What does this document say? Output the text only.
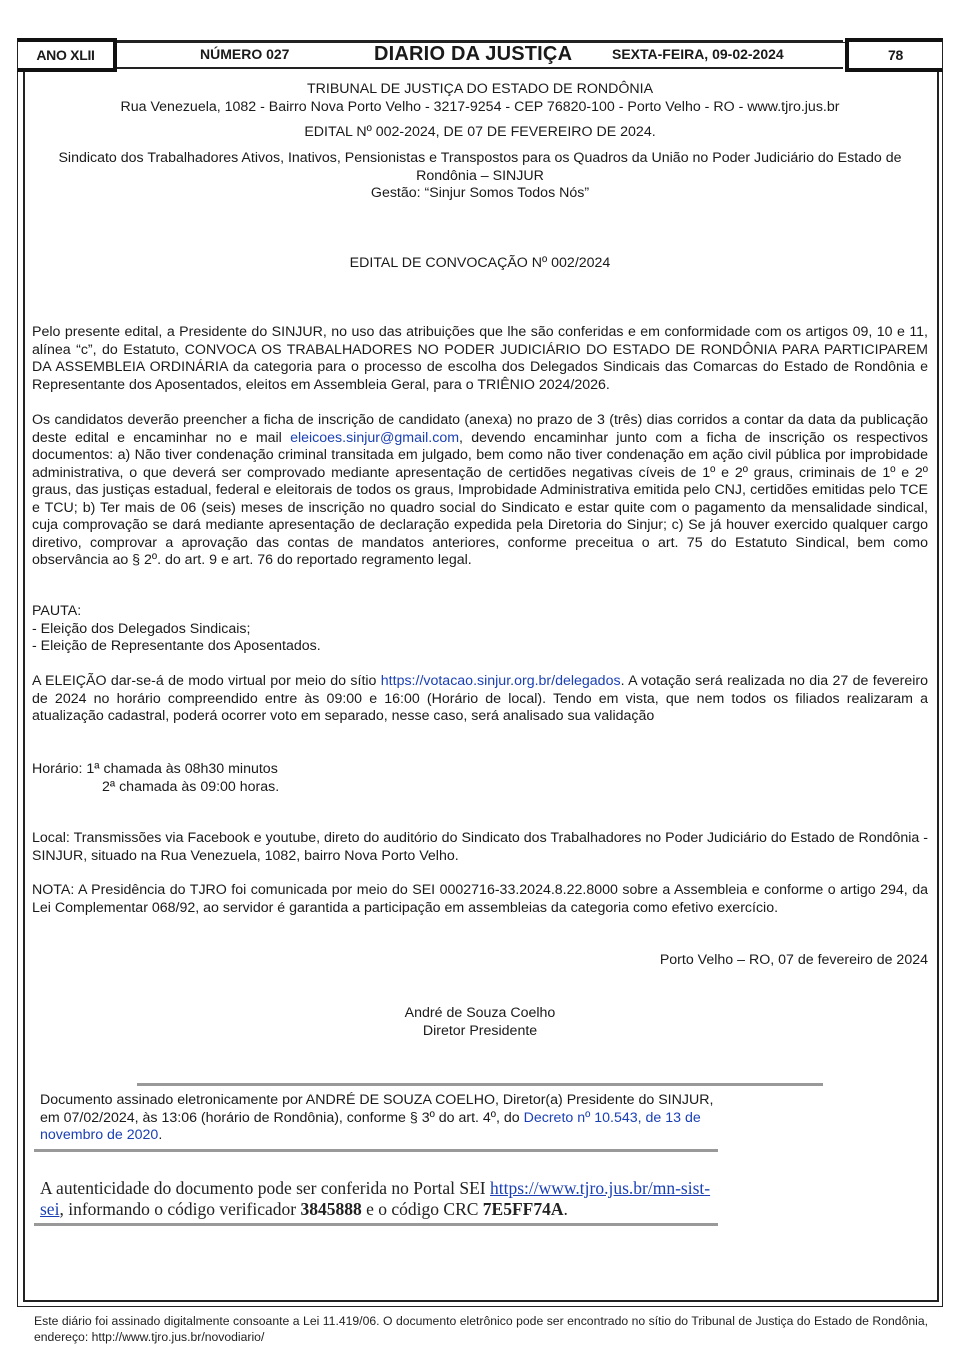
ANO XLII	NÚMERO 027	DIARIO DA JUSTIÇA	SEXTA-FEIRA, 09-02-2024	78

TRIBUNAL DE JUSTIÇA DO ESTADO DE RONDÔNIA

Rua Venezuela, 1082 - Bairro Nova Porto Velho - 3217-9254 - CEP 76820-100 - Porto Velho - RO - www.tjro.jus.br

EDITAL Nº 002-2024, DE 07 DE FEVEREIRO DE 2024.

Sindicato dos Trabalhadores Ativos, Inativos, Pensionistas e Transpostos para os Quadros da União no Poder Judiciário do Estado de

Rondônia – SINJUR

Gestão: “Sinjur Somos Todos Nós”

EDITAL DE CONVOCAÇÃO Nº 002/2024
Pelo presente edital, a Presidente do SINJUR, no uso das atribuições que lhe são conferidas e em conformidade com os artigos 09, 10 e 11, alínea “c”, do Estatuto, CONVOCA OS TRABALHADORES NO PODER JUDICIÁRIO DO ESTADO DE RONDÔNIA PARA PARTICIPAREM DA ASSEMBLEIA ORDINÁRIA da categoria para o processo de escolha dos Delegados Sindicais das Comarcas do Estado de Rondônia e Representante dos Aposentados, eleitos em Assembleia Geral, para o TRIÊNIO 2024/2026.
Os candidatos deverão preencher a ficha de inscrição de candidato (anexa) no prazo de 3 (três) dias corridos a contar da data da publicação deste edital e encaminhar no e mail eleicoes.sinjur@gmail.com, devendo encaminhar junto com a ficha de inscrição os respectivos documentos: a) Não tiver condenação criminal transitada em julgado, bem como não tiver condenação em ação civil pública por improbidade administrativa, o que deverá ser comprovado mediante apresentação de certidões negativas cíveis de 1º e 2º graus, criminais de 1º e 2º graus, das justiças estadual, federal e eleitorais de todos os graus, Improbidade Administrativa emitida pelo CNJ, certidões emitidas pelo TCE e TCU; b) Ter mais de 06 (seis) meses de inscrição no quadro social do Sindicato e estar quite com o pagamento da mensalidade sindical, cuja comprovação se dará mediante apresentação de declaração expedida pela Diretoria do Sinjur; c) Se já houver exercido qualquer cargo diretivo, comprovar a aprovação das contas de mandatos anteriores, conforme preceitua o art. 75 do Estatuto Sindical, bem como observância ao § 2º. do art. 9 e art. 76 do reportado regramento legal.

PAUTA:

- Eleição dos Delegados Sindicais;

- Eleição de Representante dos Aposentados.

A ELEIÇÃO dar-se-á de modo virtual por meio do sítio https://votacao.sinjur.org.br/delegados. A votação será realizada no dia 27 de fevereiro de 2024 no horário compreendido entre às 09:00 e 16:00 (Horário de local). Tendo em vista, que nem todos os filiados realizaram a atualização cadastral, poderá ocorrer voto em separado, nesse caso, será analisado sua validação

Horário: 1ª chamada às 08h30 minutos

2ª chamada às 09:00 horas.

Local: Transmissões via Facebook e youtube, direto do auditório do Sindicato dos Trabalhadores no Poder Judiciário do Estado de Rondônia - SINJUR, situado na Rua Venezuela, 1082, bairro Nova Porto Velho.
NOTA: A Presidência do TJRO foi comunicada por meio do SEI 0002716-33.2024.8.22.8000 sobre a Assembleia e conforme o artigo 294, da Lei Complementar 068/92, ao servidor é garantida a participação em assembleias da categoria como efetivo exercício.
Porto Velho – RO, 07 de fevereiro de 2024

André de Souza Coelho

Diretor Presidente

Documento assinado eletronicamente por ANDRÉ DE SOUZA COELHO, Diretor(a) Presidente do SINJUR, em 07/02/2024, às 13:06 (horário de Rondônia), conforme § 3º do art. 4º, do Decreto nº 10.543, de 13 de novembro de 2020.
A autenticidade do documento pode ser conferida no Portal SEI https://www.tjro.jus.br/mn-sist-sei, informando o código verificador 3845888 e o código CRC 7E5FF74A.
Este diário foi assinado digitalmente consoante a Lei 11.419/06. O documento eletrônico pode ser encontrado no sítio do Tribunal de Justiça do Estado de Rondônia, endereço: http://www.tjro.jus.br/novodiario/
